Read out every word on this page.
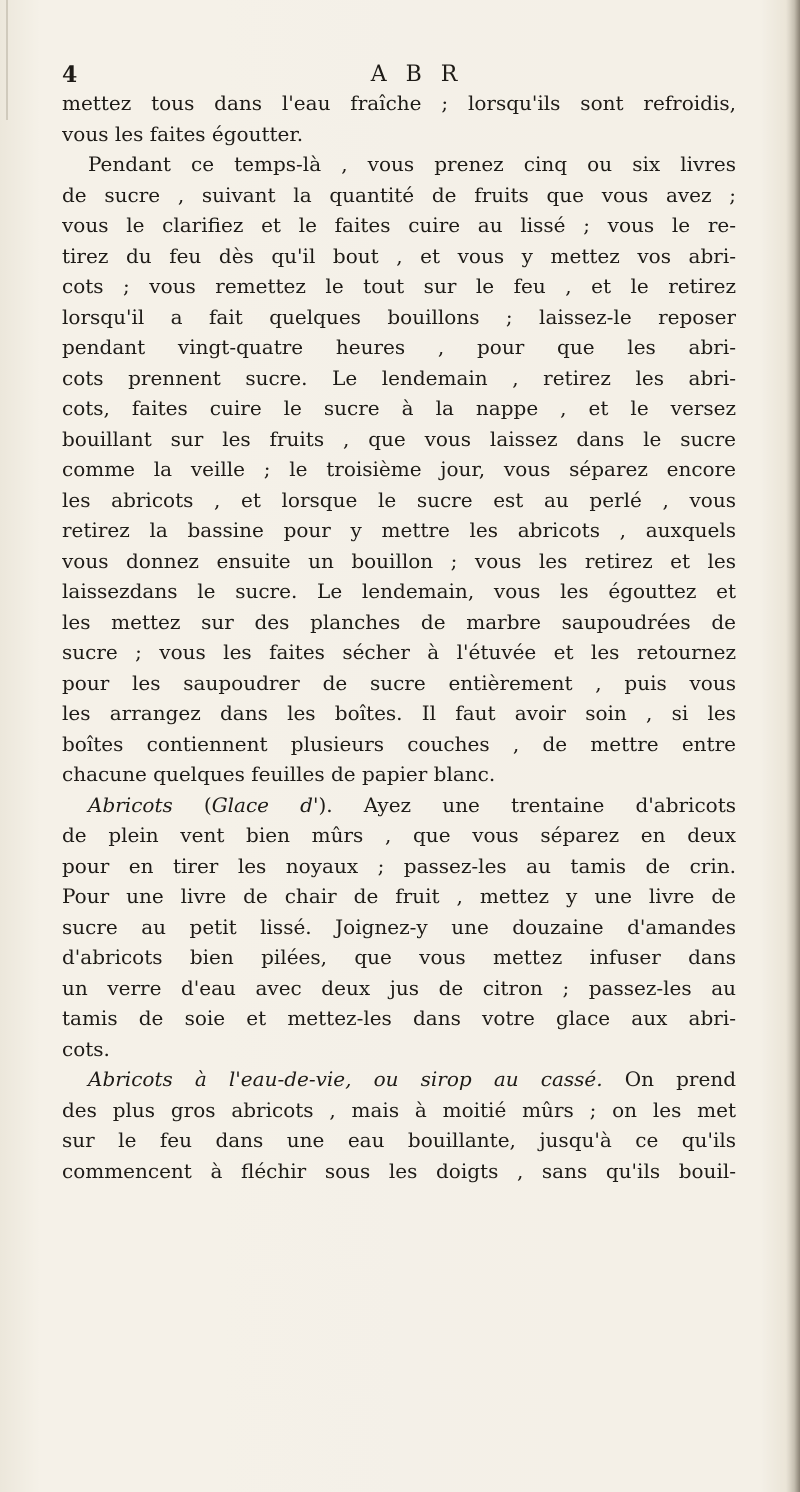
4	A B R
mettez tous dans l'eau fraîche ; lorsqu'ils sont refroidis,
vous les faites égoutter.
Pendant ce temps-là , vous prenez cinq ou six livres
de sucre , suivant la quantité de fruits que vous avez ;
vous le clarifiez et le faites cuire au lissé ; vous le re-
tirez du feu dès qu'il bout , et vous y mettez vos abri-
cots ; vous remettez le tout sur le feu , et le retirez
lorsqu'il a fait quelques bouillons ; laissez-le reposer
pendant vingt-quatre heures , pour que les abri-
cots prennent sucre. Le lendemain , retirez les abri-
cots, faites cuire le sucre à la nappe , et le versez
bouillant sur les fruits , que vous laissez dans le sucre
comme la veille ; le troisième jour, vous séparez encore
les abricots , et lorsque le sucre est au perlé , vous
retirez la bassine pour y mettre les abricots , auxquels
vous donnez ensuite un bouillon ; vous les retirez et les
laissezdans le sucre. Le lendemain, vous les égouttez et
les mettez sur des planches de marbre saupoudrées de
sucre ; vous les faites sécher à l'étuvée et les retournez
pour les saupoudrer de sucre entièrement , puis vous
les arrangez dans les boîtes. Il faut avoir soin , si les
boîtes contiennent plusieurs couches , de mettre entre
chacune quelques feuilles de papier blanc.
Abricots (Glace d'). Ayez une trentaine d'abricots
de plein vent bien mûrs , que vous séparez en deux
pour en tirer les noyaux ; passez-les au tamis de crin.
Pour une livre de chair de fruit , mettez y une livre de
sucre au petit lissé. Joignez-y une douzaine d'amandes
d'abricots bien pilées, que vous mettez infuser dans
un verre d'eau avec deux jus de citron ; passez-les au
tamis de soie et mettez-les dans votre glace aux abri-
cots.
Abricots à l'eau-de-vie, ou sirop au cassé. On prend
des plus gros abricots , mais à moitié mûrs ; on les met
sur le feu dans une eau bouillante, jusqu'à ce qu'ils
commencent à fléchir sous les doigts , sans qu'ils bouil-
